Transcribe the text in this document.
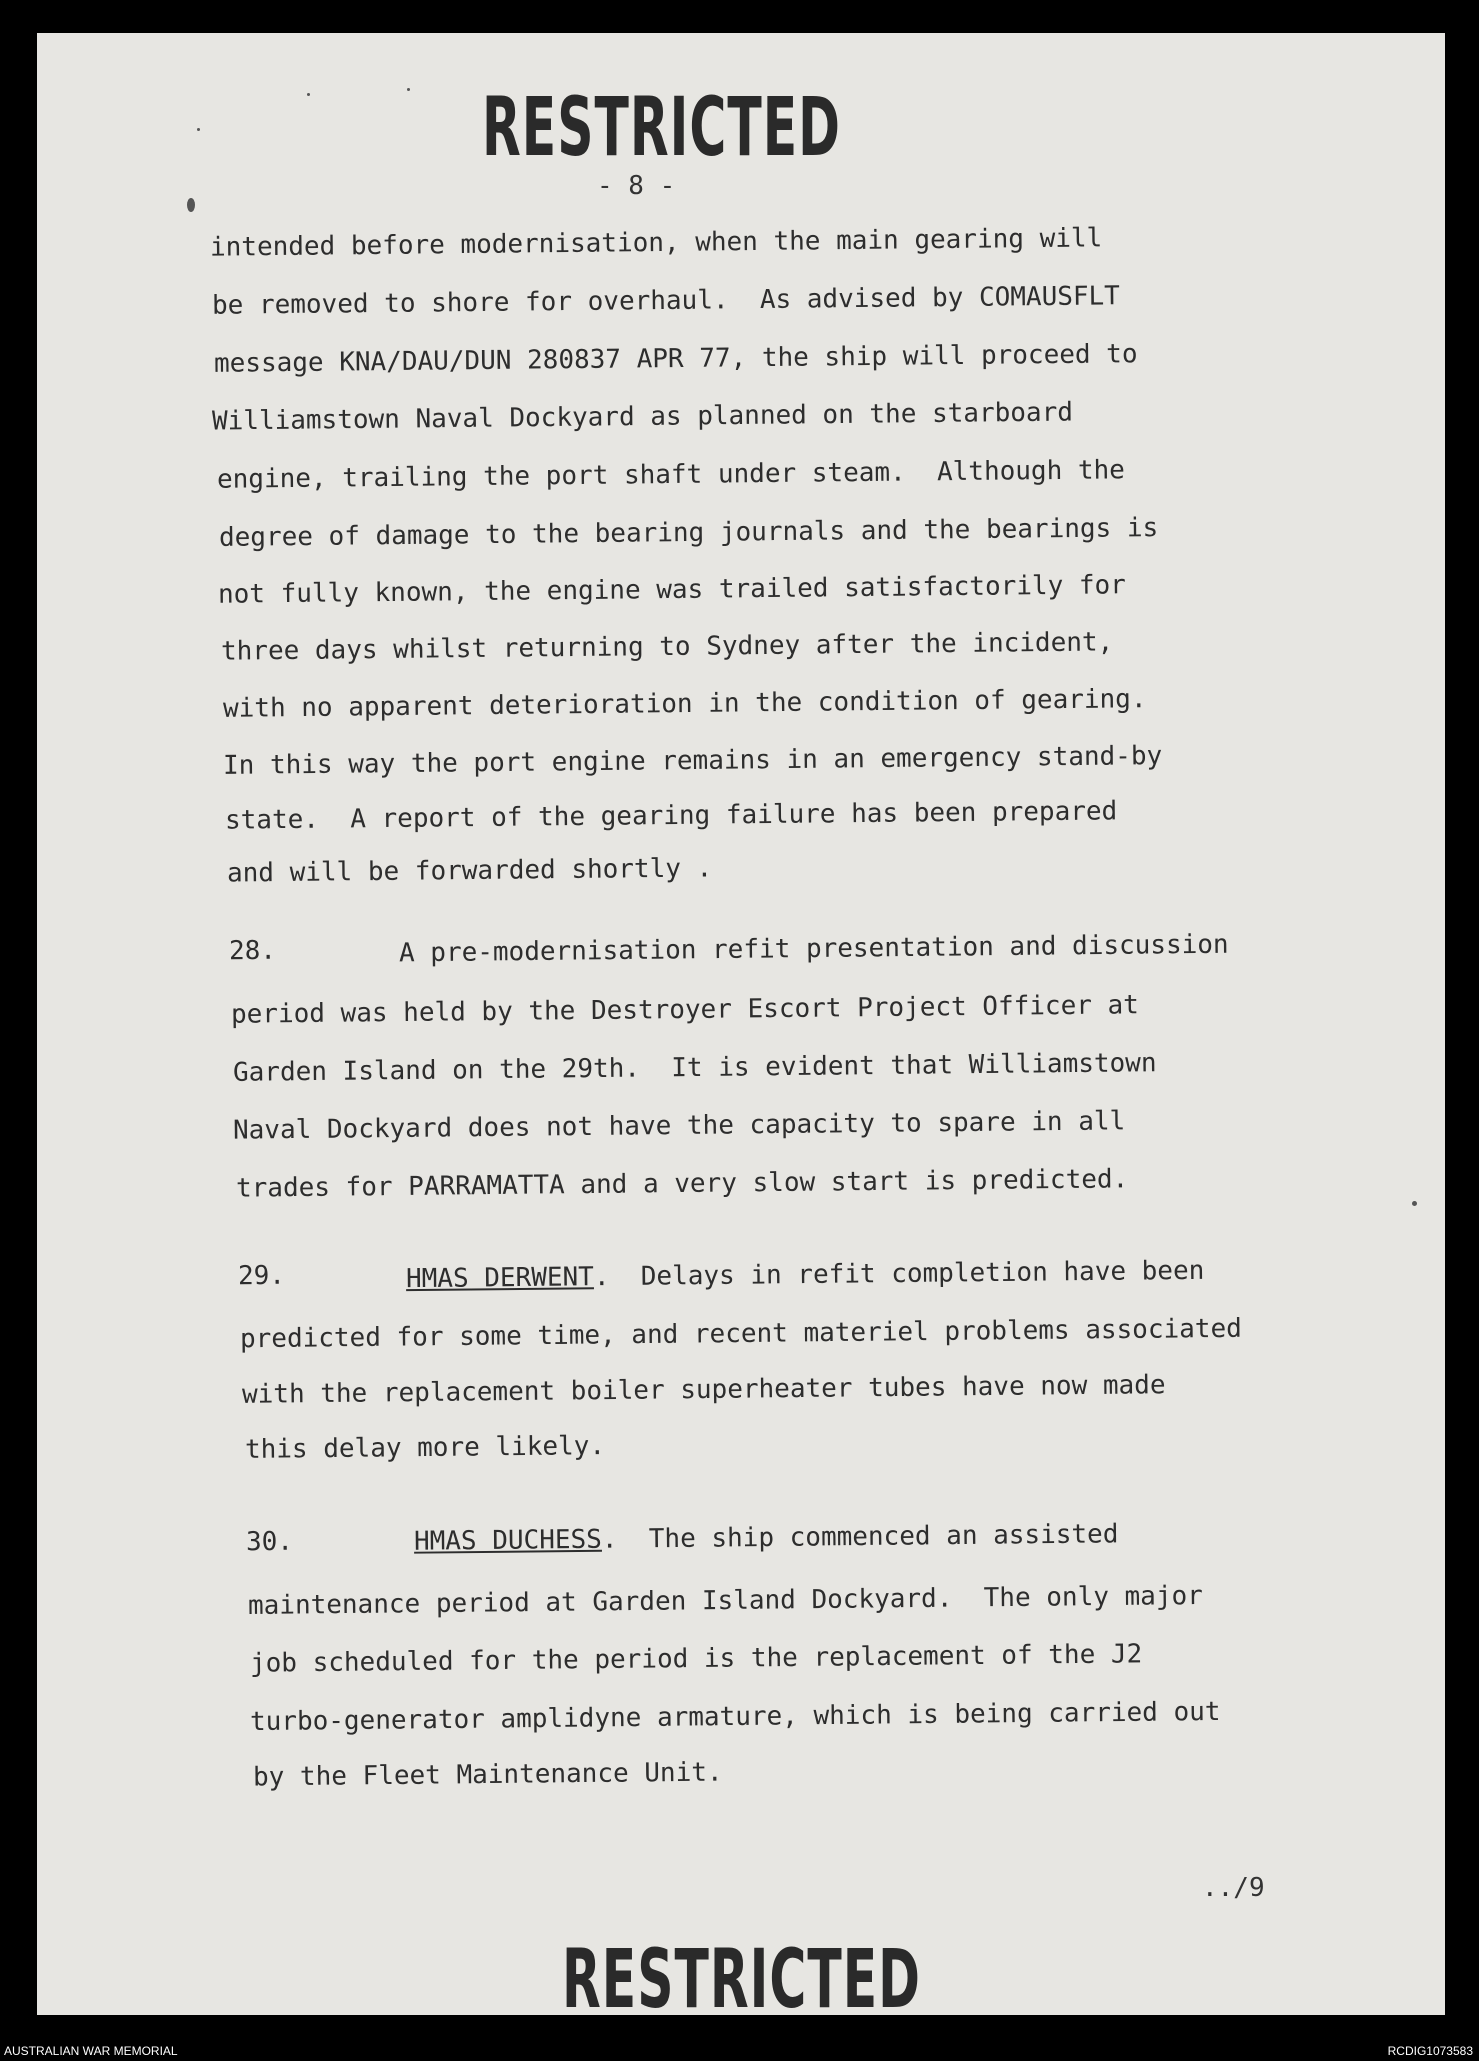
RESTRICTED
- 8 -
intended before modernisation, when the main gearing will
be removed to shore for overhaul.  As advised by COMAUSFLT
message KNA/DAU/DUN 280837 APR 77, the ship will proceed to
Williamstown Naval Dockyard as planned on the starboard
engine, trailing the port shaft under steam.  Although the
degree of damage to the bearing journals and the bearings is
not fully known, the engine was trailed satisfactorily for
three days whilst returning to Sydney after the incident,
with no apparent deterioration in the condition of gearing.
In this way the port engine remains in an emergency stand-by
state.  A report of the gearing failure has been prepared
and will be forwarded shortly .
28.	A pre-modernisation refit presentation and discussion
period was held by the Destroyer Escort Project Officer at
Garden Island on the 29th.  It is evident that Williamstown
Naval Dockyard does not have the capacity to spare in all
trades for PARRAMATTA and a very slow start is predicted.
29.	HMAS DERWENT.  Delays in refit completion have been
predicted for some time, and recent materiel problems associated
with the replacement boiler superheater tubes have now made
this delay more likely.
30.	HMAS DUCHESS.  The ship commenced an assisted
maintenance period at Garden Island Dockyard.  The only major
job scheduled for the period is the replacement of the J2
turbo-generator amplidyne armature, which is being carried out
by the Fleet Maintenance Unit.
../9
RESTRICTED
AUSTRALIAN WAR MEMORIAL	RCDIG1073583
